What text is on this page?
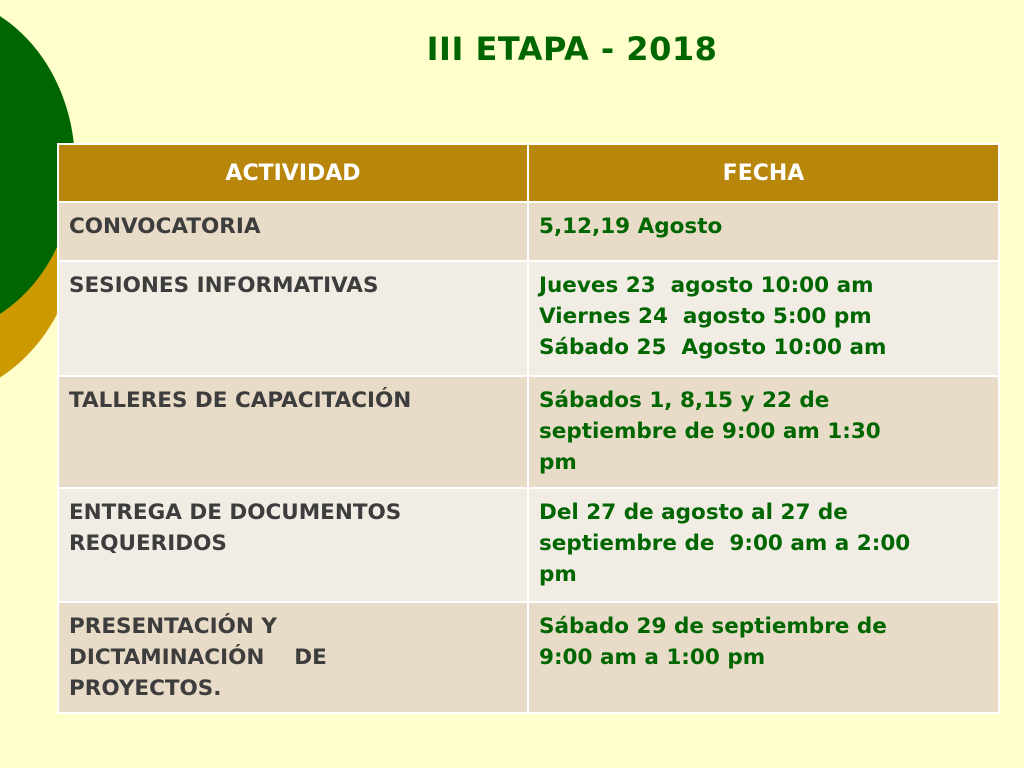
III ETAPA - 2018
ACTIVIDAD	FECHA

CONVOCATORIA	5,12,19 Agosto

SESIONES INFORMATIVAS	Jueves 23  agosto 10:00 am
Viernes 24  agosto 5:00 pm
Sábado 25  Agosto 10:00 am

TALLERES DE CAPACITACIÓN	Sábados 1, 8,15 y 22 de
septiembre de 9:00 am 1:30
pm

ENTREGA DE DOCUMENTOS
REQUERIDOS	Del 27 de agosto al 27 de
septiembre de  9:00 am a 2:00
pm

PRESENTACIÓN Y
DICTAMINACIÓN    DE
PROYECTOS.	Sábado 29 de septiembre de
9:00 am a 1:00 pm
